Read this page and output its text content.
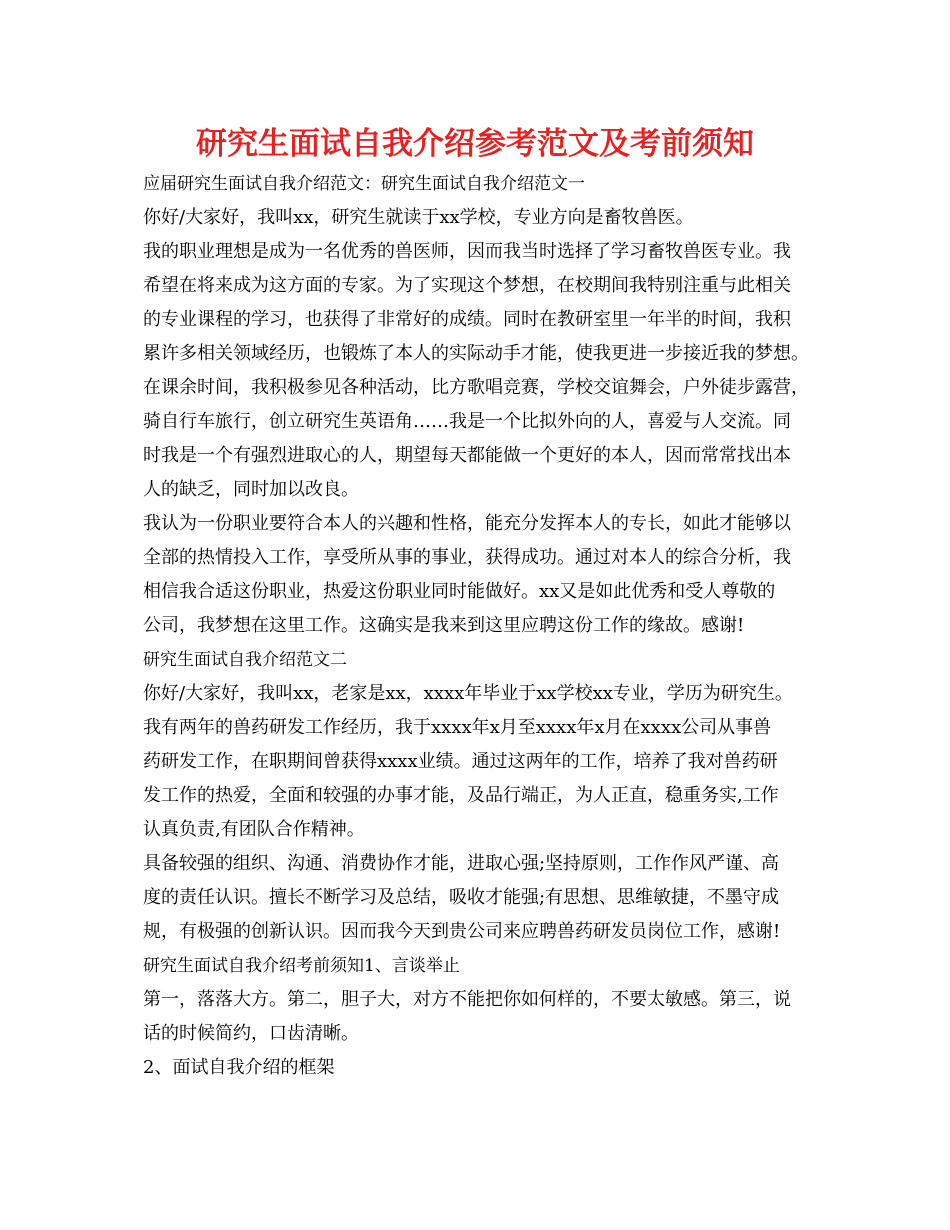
研究生面试自我介绍参考范文及考前须知

应届研究生面试自我介绍范文：研究生面试自我介绍范文一

你好/大家好，我叫xx，研究生就读于xx学校，专业方向是畜牧兽医。

我的职业理想是成为一名优秀的兽医师，因而我当时选择了学习畜牧兽医专业。我
希望在将来成为这方面的专家。为了实现这个梦想，在校期间我特别注重与此相关
的专业课程的学习，也获得了非常好的成绩。同时在教研室里一年半的时间，我积
累许多相关领域经历，也锻炼了本人的实际动手才能，使我更进一步接近我的梦想。
在课余时间，我积极参见各种活动，比方歌唱竞赛，学校交谊舞会，户外徒步露营，
骑自行车旅行，创立研究生英语角……我是一个比拟外向的人，喜爱与人交流。同
时我是一个有强烈进取心的人，期望每天都能做一个更好的本人，因而常常找出本
人的缺乏，同时加以改良。

我认为一份职业要符合本人的兴趣和性格，能充分发挥本人的专长，如此才能够以
全部的热情投入工作，享受所从事的事业，获得成功。通过对本人的综合分析，我
相信我合适这份职业，热爱这份职业同时能做好。xx又是如此优秀和受人尊敬的
公司，我梦想在这里工作。这确实是我来到这里应聘这份工作的缘故。感谢!

研究生面试自我介绍范文二

你好/大家好，我叫xx，老家是xx，xxxx年毕业于xx学校xx专业，学历为研究生。
我有两年的兽药研发工作经历，我于xxxx年x月至xxxx年x月在xxxx公司从事兽
药研发工作，在职期间曾获得xxxx业绩。通过这两年的工作，培养了我对兽药研
发工作的热爱，全面和较强的办事才能，及品行端正，为人正直，稳重务实,工作
认真负责,有团队合作精神。

具备较强的组织、沟通、消费协作才能，进取心强;坚持原则，工作作风严谨、高
度的责任认识。擅长不断学习及总结，吸收才能强;有思想、思维敏捷，不墨守成
规，有极强的创新认识。因而我今天到贵公司来应聘兽药研发员岗位工作，感谢!

研究生面试自我介绍考前须知1、言谈举止

第一，落落大方。第二，胆子大，对方不能把你如何样的，不要太敏感。第三，说
话的时候简约，口齿清晰。

2、面试自我介绍的框架
